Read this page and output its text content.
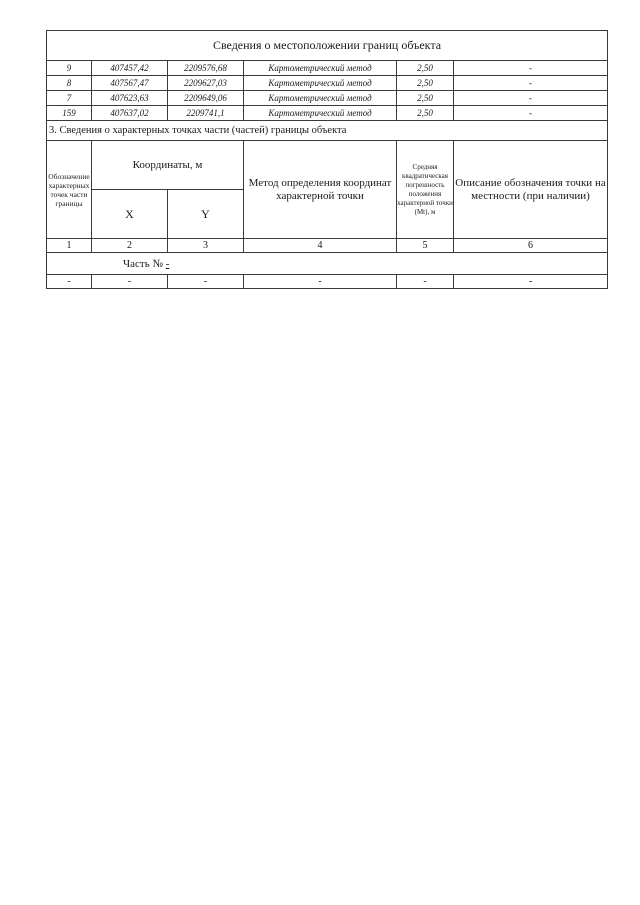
Сведения о местоположении границ объекта					
9	407457,42	2209576,68	Картометрический метод	2,50	-
8	407567,47	2209627,03	Картометрический метод	2,50	-
7	407623,63	2209649,06	Картометрический метод	2,50	-
159	407637,02	2209741,1	Картометрический метод	2,50	-
3. Сведения о характерных точках части (частей) границы объекта					
Обозначение характерных точек части границы	Координаты, м		Метод определения координат характерной точки	Средняя квадратическая погрешность положения характерной точки (Mt), м	Описание обозначения точки на местности (при наличии)
	X	Y			
1	2	3	4	5	6
Часть № -					
-	-	-	-	-	-
